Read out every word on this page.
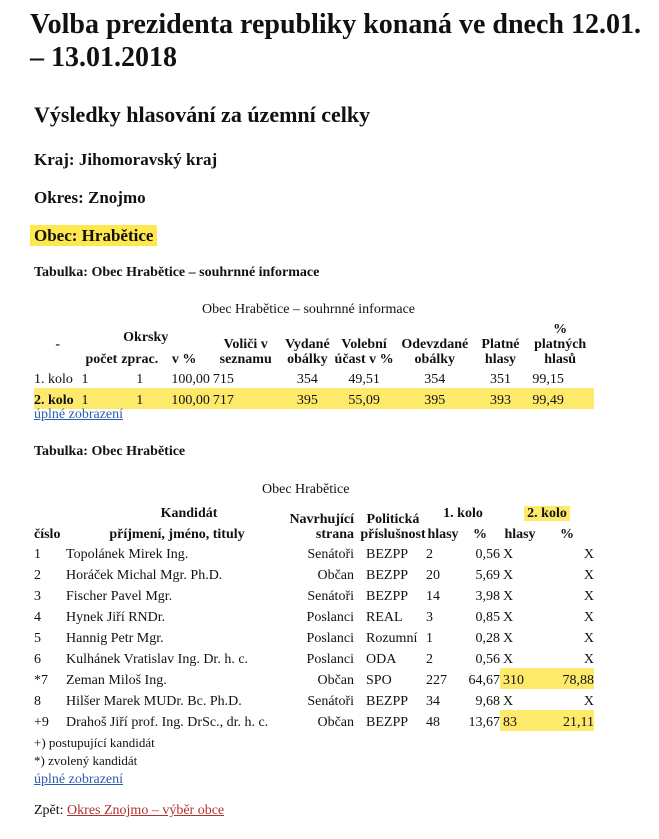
Volba prezidenta republiky konaná ve dnech 12.01. – 13.01.2018
Výsledky hlasování za územní celky
Kraj: Jihomoravský kraj
Okres: Znojmo
Obec: Hrabětice
Tabulka: Obec Hrabětice – souhrnné informace
Obec Hrabětice – souhrnné informace
-	Okrsky			Voliči v seznamu	Vydané obálky	Volební účast v %	Odevzdané obálky	Platné hlasy	% platných hlasů
	počet	zprac.	v %						
1. kolo	1	1	100,00	715	354	49,51	354	351	99,15
2. kolo	1	1	100,00	717	395	55,09	395	393	99,49
úplné zobrazení
Tabulka: Obec Hrabětice
Obec Hrabětice
Kandidát		Navrhující strana	Politická příslušnost	1. kolo		2. kolo	
číslo	příjmení, jméno, tituly			hlasy	%	hlasy	%
1	Topolánek Mirek Ing.	Senátoři	BEZPP	2	0,56	X	X
2	Horáček Michal Mgr. Ph.D.	Občan	BEZPP	20	5,69	X	X
3	Fischer Pavel Mgr.	Senátoři	BEZPP	14	3,98	X	X
4	Hynek Jiří RNDr.	Poslanci	REAL	3	0,85	X	X
5	Hannig Petr Mgr.	Poslanci	Rozumní	1	0,28	X	X
6	Kulhánek Vratislav Ing. Dr. h. c.	Poslanci	ODA	2	0,56	X	X
*7	Zeman Miloš Ing.	Občan	SPO	227	64,67	310	78,88
8	Hilšer Marek MUDr. Bc. Ph.D.	Senátoři	BEZPP	34	9,68	X	X
+9	Drahoš Jiří prof. Ing. DrSc., dr. h. c.	Občan	BEZPP	48	13,67	83	21,11
+) postupující kandidát
*) zvolený kandidát
úplné zobrazení
Zpět: Okres Znojmo – výběr obce
